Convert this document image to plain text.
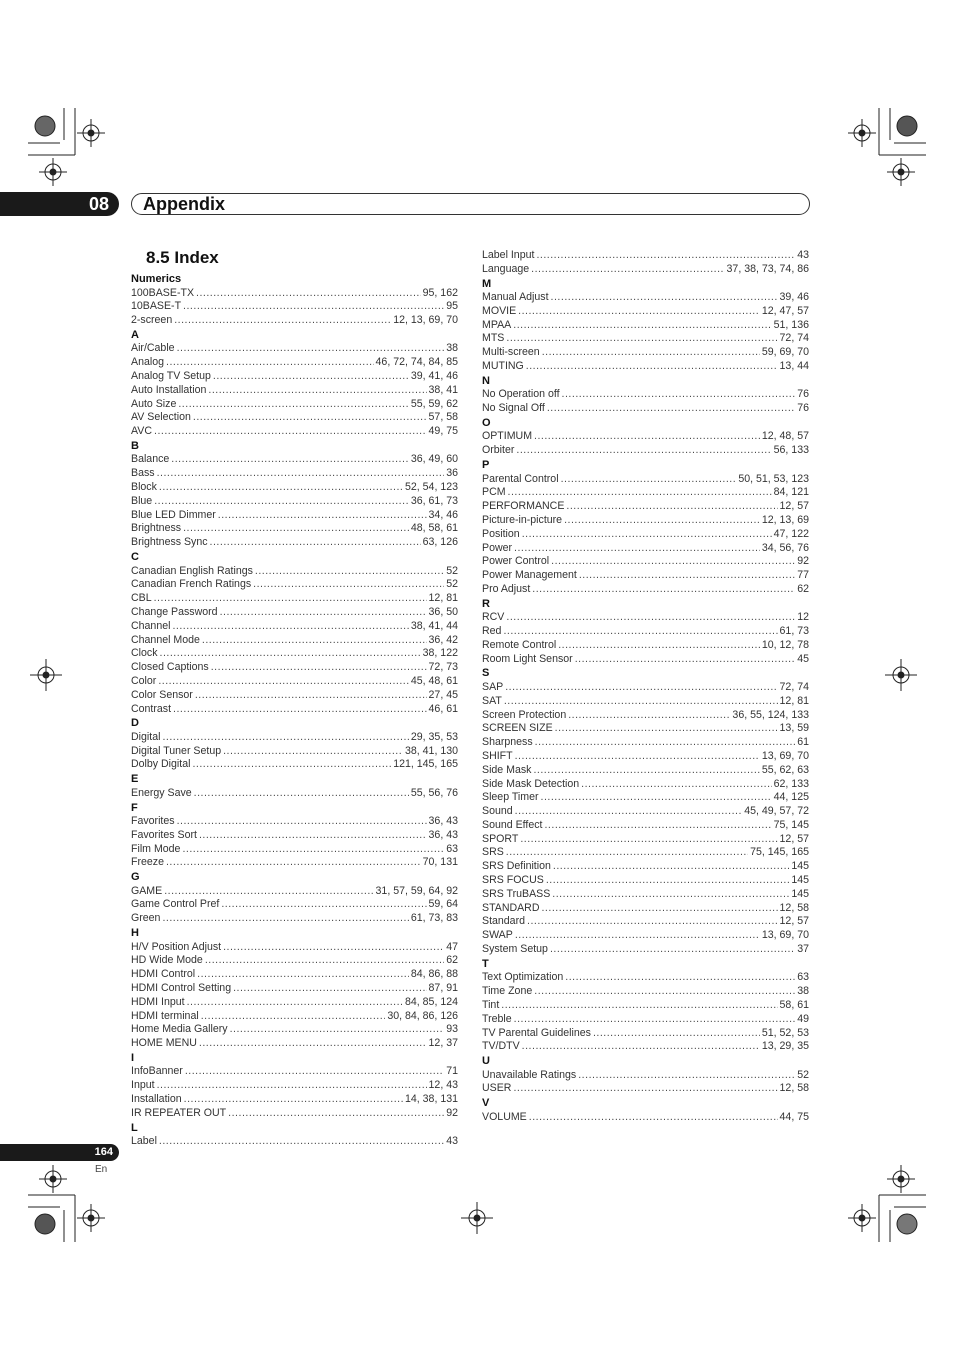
08	Appendix
8.5 Index
Numerics
100BASE-TX .....	95, 162
10BASE-T .....	95
2-screen .....	12, 13, 69, 70
A
Air/Cable .....	38
Analog .....	46, 72, 74, 84, 85
Analog TV Setup .....	39, 41, 46
Auto Installation .....	38, 41
Auto Size .....	55, 59, 62
AV Selection .....	57, 58
AVC .....	49, 75
B
Balance .....	36, 49, 60
Bass .....	36
Block .....	52, 54, 123
Blue .....	36, 61, 73
Blue LED Dimmer .....	34, 46
Brightness .....	48, 58, 61
Brightness Sync .....	63, 126
C
Canadian English Ratings .....	52
Canadian French Ratings .....	52
CBL .....	12, 81
Change Password .....	36, 50
Channel .....	38, 41, 44
Channel Mode .....	36, 42
Clock .....	38, 122
Closed Captions .....	72, 73
Color .....	45, 48, 61
Color Sensor .....	27, 45
Contrast .....	46, 61
D
Digital .....	29, 35, 53
Digital Tuner Setup .....	38, 41, 130
Dolby Digital .....	121, 145, 165
E
Energy Save .....	55, 56, 76
F
Favorites .....	36, 43
Favorites Sort .....	36, 43
Film Mode .....	63
Freeze .....	70, 131
G
GAME .....	31, 57, 59, 64, 92
Game Control Pref .....	59, 64
Green .....	61, 73, 83
H
H/V Position Adjust .....	47
HD Wide Mode .....	62
HDMI Control .....	84, 86, 88
HDMI Control Setting .....	87, 91
HDMI Input .....	84, 85, 124
HDMI terminal .....	30, 84, 86, 126
Home Media Gallery .....	93
HOME MENU .....	12, 37
I
InfoBanner .....	71
Input .....	12, 43
Installation .....	14, 38, 131
IR REPEATER OUT .....	92
L
Label .....	43
Label Input .....	43
Language .....	37, 38, 73, 74, 86
M
Manual Adjust .....	39, 46
MOVIE .....	12, 47, 57
MPAA .....	51, 136
MTS .....	72, 74
Multi-screen .....	59, 69, 70
MUTING .....	13, 44
N
No Operation off .....	76
No Signal Off .....	76
O
OPTIMUM .....	12, 48, 57
Orbiter .....	56, 133
P
Parental Control .....	50, 51, 53, 123
PCM .....	84, 121
PERFORMANCE .....	12, 57
Picture-in-picture .....	12, 13, 69
Position .....	47, 122
Power .....	34, 56, 76
Power Control .....	92
Power Management .....	77
Pro Adjust .....	62
R
RCV .....	12
Red .....	61, 73
Remote Control .....	10, 12, 78
Room Light Sensor .....	45
S
SAP .....	72, 74
SAT .....	12, 81
Screen Protection .....	36, 55, 124, 133
SCREEN SIZE .....	13, 59
Sharpness .....	61
SHIFT .....	13, 69, 70
Side Mask .....	55, 62, 63
Side Mask Detection .....	62, 133
Sleep Timer .....	44, 125
Sound .....	45, 49, 57, 72
Sound Effect .....	75, 145
SPORT .....	12, 57
SRS .....	75, 145, 165
SRS Definition .....	145
SRS FOCUS .....	145
SRS TruBASS .....	145
STANDARD .....	12, 58
Standard .....	12, 57
SWAP .....	13, 69, 70
System Setup .....	37
T
Text Optimization .....	63
Time Zone .....	38
Tint .....	58, 61
Treble .....	49
TV Parental Guidelines .....	51, 52, 53
TV/DTV .....	13, 29, 35
U
Unavailable Ratings .....	52
USER .....	12, 58
V
VOLUME .....	44, 75
164
En
